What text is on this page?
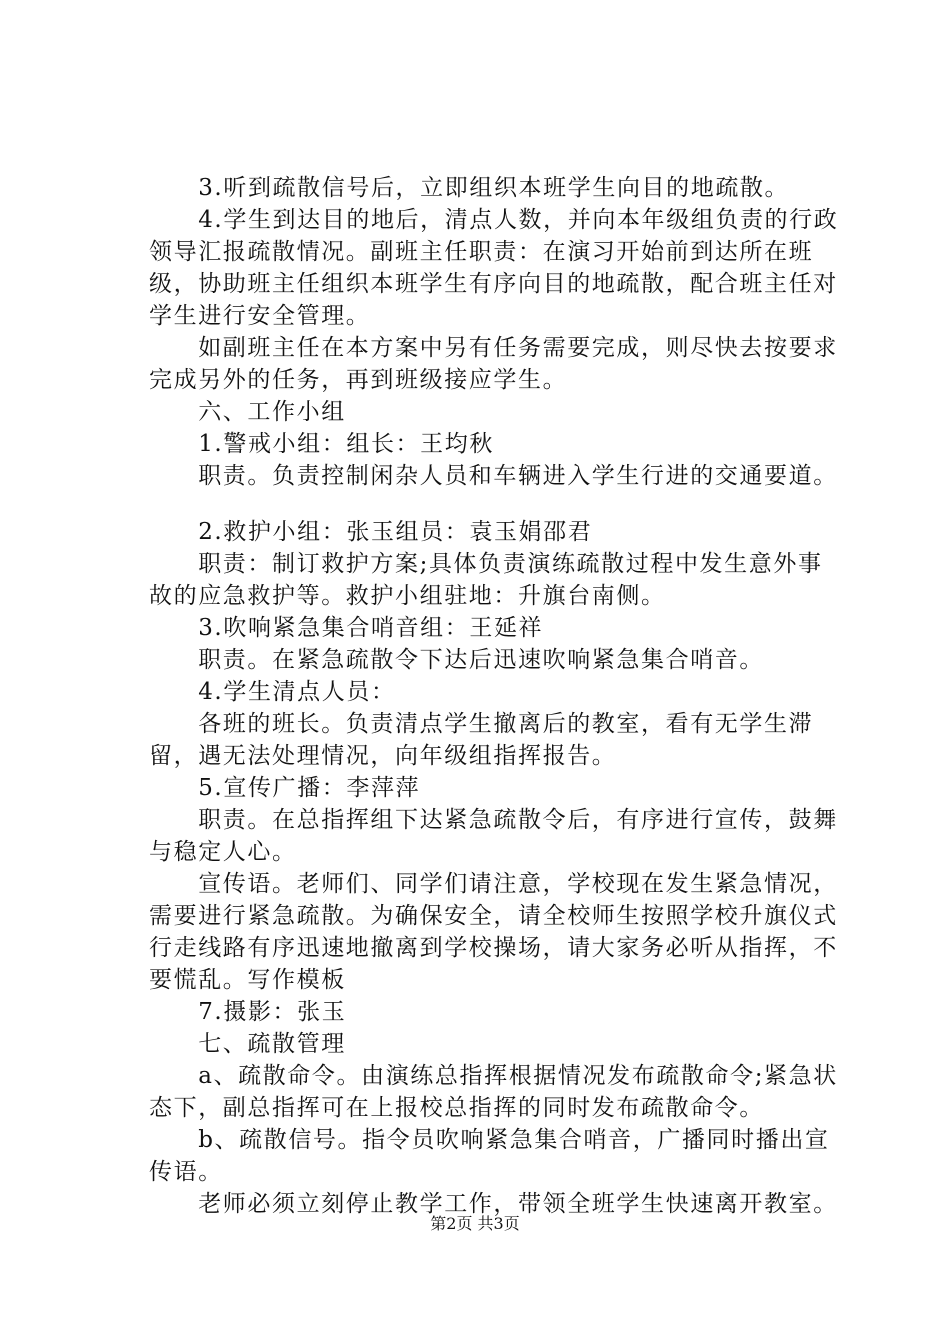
　　3.听到疏散信号后，立即组织本班学生向目的地疏散。
　　4.学生到达目的地后，清点人数，并向本年级组负责的行政领导汇报疏散情况。副班主任职责：在演习开始前到达所在班级，协助班主任组织本班学生有序向目的地疏散，配合班主任对学生进行安全管理。
　　如副班主任在本方案中另有任务需要完成，则尽快去按要求完成另外的任务，再到班级接应学生。
　　六、工作小组
　　1.警戒小组：组长：王均秋
　　职责。负责控制闲杂人员和车辆进入学生行进的交通要道。
　　2.救护小组：张玉组员：袁玉娟邵君
　　职责：制订救护方案;具体负责演练疏散过程中发生意外事故的应急救护等。救护小组驻地：升旗台南侧。
　　3.吹响紧急集合哨音组：王延祥
　　职责。在紧急疏散令下达后迅速吹响紧急集合哨音。
　　4.学生清点人员：
　　各班的班长。负责清点学生撤离后的教室，看有无学生滞留，遇无法处理情况，向年级组指挥报告。
　　5.宣传广播：李萍萍
　　职责。在总指挥组下达紧急疏散令后，有序进行宣传，鼓舞与稳定人心。
　　宣传语。老师们、同学们请注意，学校现在发生紧急情况，需要进行紧急疏散。为确保安全，请全校师生按照学校升旗仪式行走线路有序迅速地撤离到学校操场，请大家务必听从指挥，不要慌乱。写作模板
　　7.摄影：张玉
　　七、疏散管理
　　a、疏散命令。由演练总指挥根据情况发布疏散命令;紧急状态下，副总指挥可在上报校总指挥的同时发布疏散命令。
　　b、疏散信号。指令员吹响紧急集合哨音，广播同时播出宣传语。
　　老师必须立刻停止教学工作，带领全班学生快速离开教室。
第2页 共3页
